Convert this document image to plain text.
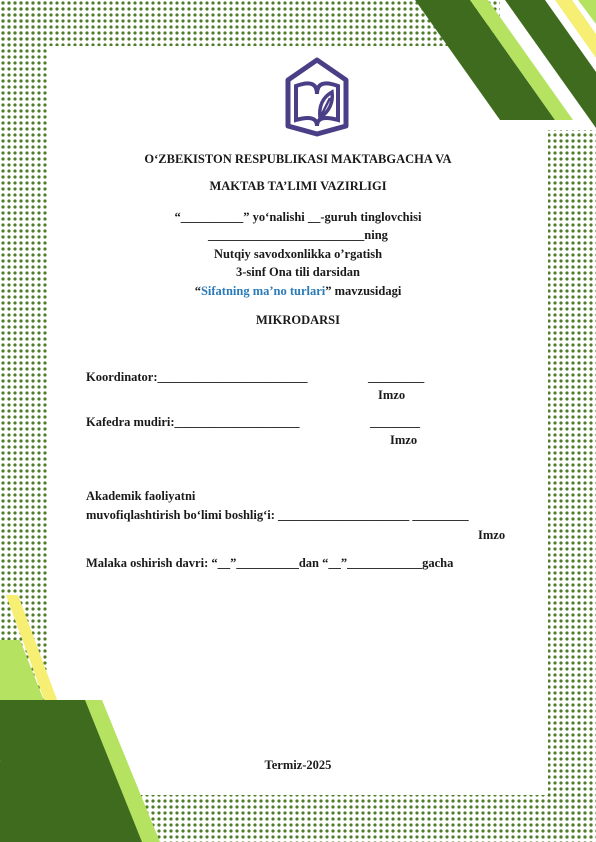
O‘ZBEKISTON RESPUBLIKASI MAKTABGACHA VA
MAKTAB TA’LIMI VAZIRLIGI
“__________” yo‘nalishi __-guruh tinglovchisi
_________________________ning
Nutqiy savodxonlikka o’rgatish
3-sinf Ona tili darsidan
“Sifatning ma’no turlari” mavzusidagi
MIKRODARSI
Koordinator:________________________	_________
Imzo
Kafedra mudiri:____________________	________
Imzo
Akademik faoliyatni
muvofiqlashtirish bo‘limi boshlig‘i: _____________________ _________
Imzo
Malaka oshirish davri: “__”__________dan “__”____________gacha
Termiz-2025
